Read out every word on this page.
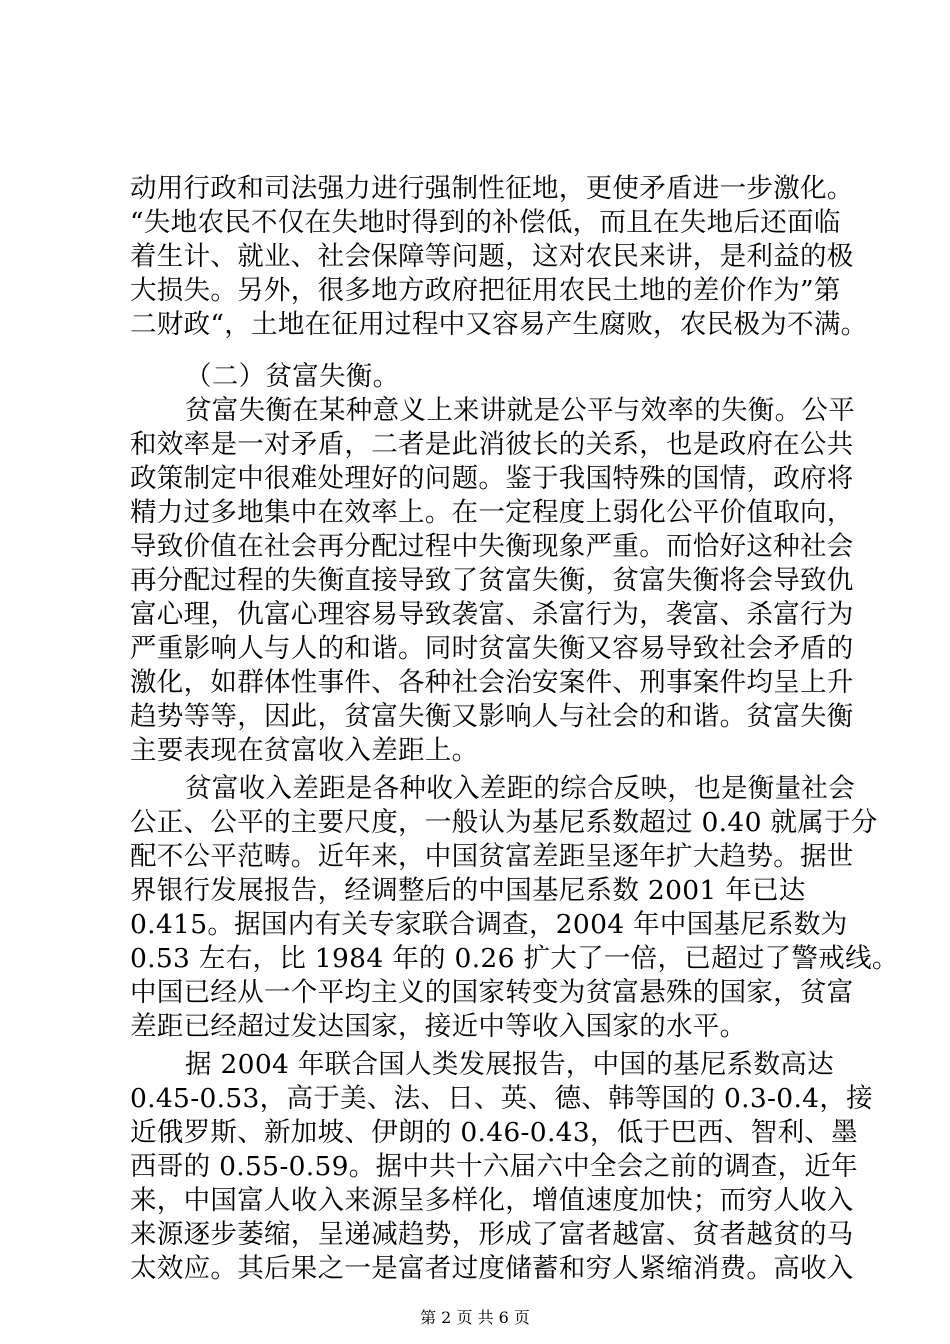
动用行政和司法强力进行强制性征地，更使矛盾进一步激化。
“失地农民不仅在失地时得到的补偿低，而且在失地后还面临
着生计、就业、社会保障等问题，这对农民来讲，是利益的极
大损失。另外，很多地方政府把征用农民土地的差价作为”第
二财政“，土地在征用过程中又容易产生腐败，农民极为不满。
（二）贫富失衡。
贫富失衡在某种意义上来讲就是公平与效率的失衡。公平
和效率是一对矛盾，二者是此消彼长的关系，也是政府在公共
政策制定中很难处理好的问题。鉴于我国特殊的国情，政府将
精力过多地集中在效率上。在一定程度上弱化公平价值取向，
导致价值在社会再分配过程中失衡现象严重。而恰好这种社会
再分配过程的失衡直接导致了贫富失衡，贫富失衡将会导致仇
富心理，仇富心理容易导致袭富、杀富行为，袭富、杀富行为
严重影响人与人的和谐。同时贫富失衡又容易导致社会矛盾的
激化，如群体性事件、各种社会治安案件、刑事案件均呈上升
趋势等等，因此，贫富失衡又影响人与社会的和谐。贫富失衡
主要表现在贫富收入差距上。
贫富收入差距是各种收入差距的综合反映，也是衡量社会
公正、公平的主要尺度，一般认为基尼系数超过 0.40 就属于分
配不公平范畴。近年来，中国贫富差距呈逐年扩大趋势。据世
界银行发展报告，经调整后的中国基尼系数 2001 年已达
0.415。据国内有关专家联合调查，2004 年中国基尼系数为
0.53 左右，比 1984 年的 0.26 扩大了一倍，已超过了警戒线。
中国已经从一个平均主义的国家转变为贫富悬殊的国家，贫富
差距已经超过发达国家，接近中等收入国家的水平。
据 2004 年联合国人类发展报告，中国的基尼系数高达
0.45-0.53，高于美、法、日、英、德、韩等国的 0.3-0.4，接
近俄罗斯、新加坡、伊朗的 0.46-0.43，低于巴西、智利、墨
西哥的 0.55-0.59。据中共十六届六中全会之前的调查，近年
来，中国富人收入来源呈多样化，增值速度加快；而穷人收入
来源逐步萎缩，呈递减趋势，形成了富者越富、贫者越贫的马
太效应。其后果之一是富者过度储蓄和穷人紧缩消费。高收入
第 2 页 共 6 页
